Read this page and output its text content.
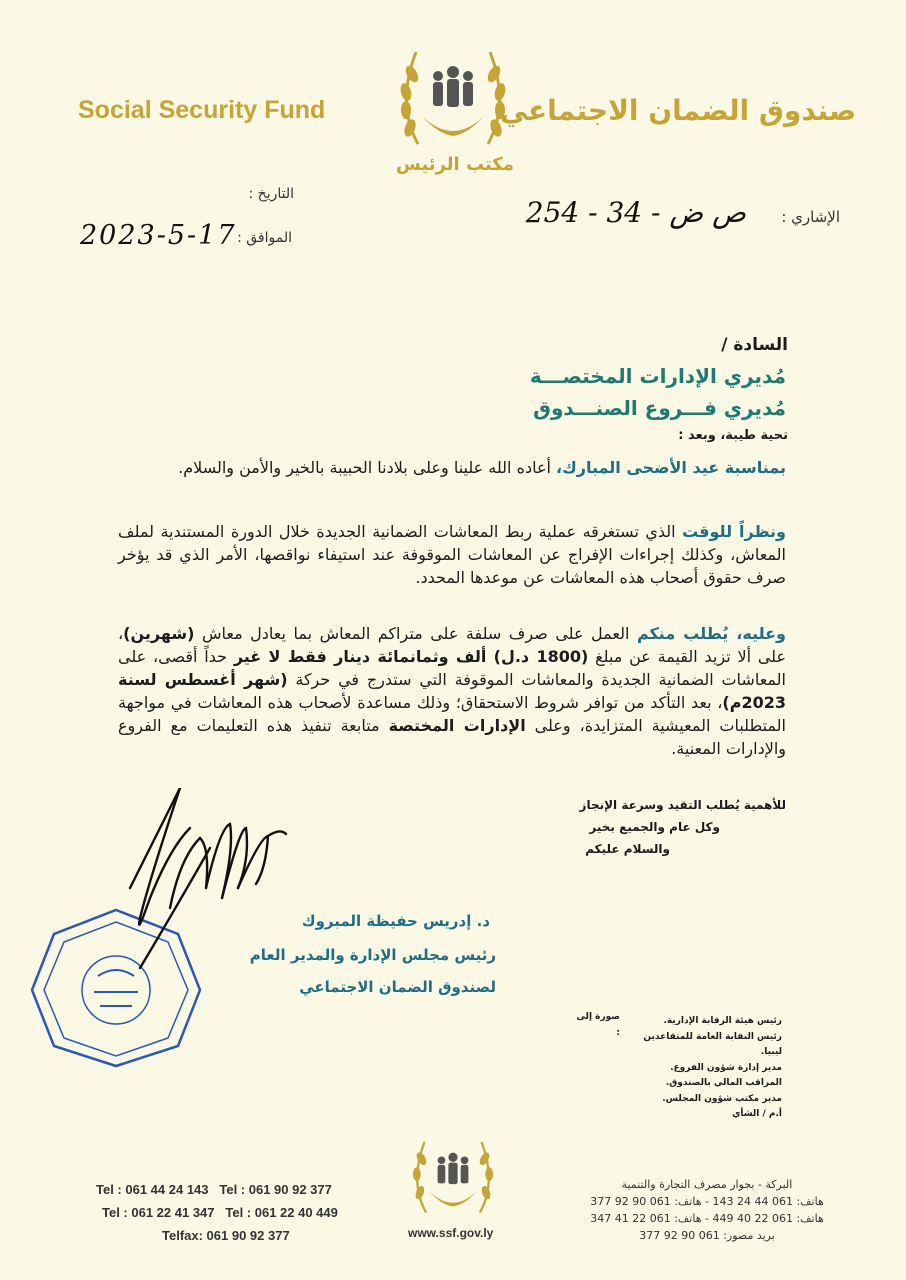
Social Security Fund
مكتب الرئيس
صندوق الضمان الاجتماعي
الإشاري :
ص ض - 34 - 254
التاريخ :
الموافق :
2023-5-17
السادة /
مُديري الإدارات المختصـــة
مُديري فـــروع الصنـــدوق
تحية طيبة، وبعد :
بمناسبة عيد الأضحى المبارك، أعاده الله علينا وعلى بلادنا الحبيبة بالخير والأمن والسلام.
ونظراً للوقت الذي تستغرقه عملية ربط المعاشات الضمانية الجديدة خلال الدورة المستندية لملف المعاش، وكذلك إجراءات الإفراج عن المعاشات الموقوفة عند استيفاء نواقصها، الأمر الذي قد يؤخر صرف حقوق أصحاب هذه المعاشات عن موعدها المحدد.
وعليه، يُطلب منكم العمل على صرف سلفة على متراكم المعاش بما يعادل معاش (شهرين)، على ألا تزيد القيمة عن مبلغ (1800 د.ل) ألف وثمانمائة دينار فقط لا غير حداً أقصى، على المعاشات الضمانية الجديدة والمعاشات الموقوفة التي ستدرج في حركة (شهر أغسطس لسنة 2023م)، بعد التأكد من توافر شروط الاستحقاق؛ وذلك مساعدة لأصحاب هذه المعاشات في مواجهة المتطلبات المعيشية المتزايدة، وعلى الإدارات المختصة متابعة تنفيذ هذه التعليمات مع الفروع والإدارات المعنية.
للأهمية يُطلب التقيد وسرعة الإنجاز
وكل عام والجميع بخير
والسلام عليكم
د. إدريس حفيظة المبروك
رئيس مجلس الإدارة والمدير العام
لصندوق الضمان الاجتماعي
صورة إلى :
رئيس هيئة الرقابة الإدارية.
رئيس النقابة العامة للمتقاعدين ليبيا.
مدير إدارة شؤون الفروع.
المراقب المالي بالصندوق.
مدير مكتب شؤون المجلس.
أ.م / الشأي
Tel : 061 44 24 143 Tel : 061 90 92 377
Tel : 061 22 41 347 Tel : 061 22 40 449
Telfax: 061 90 92 377	www.ssf.gov.ly
البركة - بجوار مصرف التجارة والتنمية
هاتف: 061 44 24 143 - هاتف: 061 90 92 377
هاتف: 061 22 40 449 - هاتف: 061 22 41 347
بريد مصور: 061 90 92 377
